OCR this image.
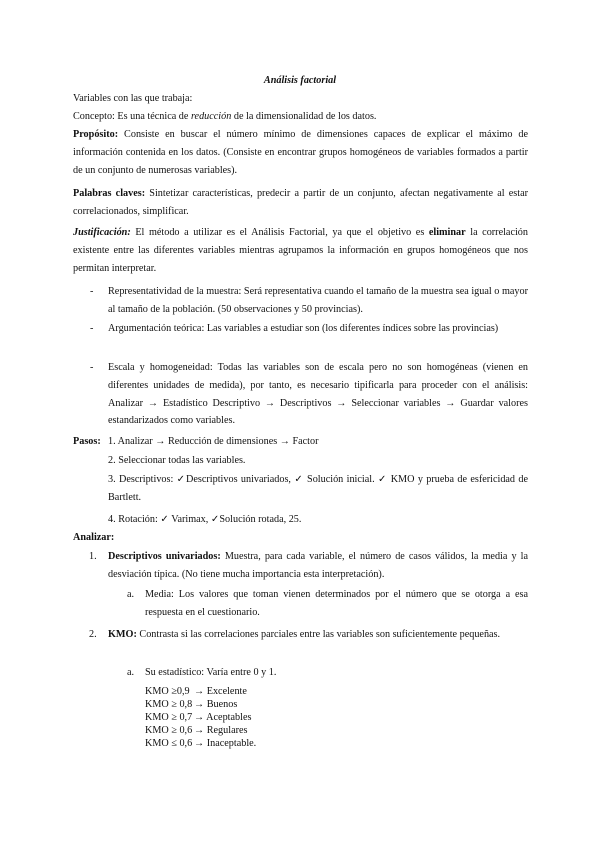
Análisis factorial
Variables con las que trabaja:
Concepto: Es una técnica de reducción de la dimensionalidad de los datos.
Propósito: Consiste en buscar el número mínimo de dimensiones capaces de explicar el máximo de información contenida en los datos. (Consiste en encontrar grupos homogéneos de variables formados a partir de un conjunto de numerosas variables).
Palabras claves: Sintetizar características, predecir a partir de un conjunto, afectan negativamente al estar correlacionados, simplificar.
Justificación: El método a utilizar es el Análisis Factorial, ya que el objetivo es eliminar la correlación existente entre las diferentes variables mientras agrupamos la información en grupos homogéneos que nos permitan interpretar.
- Representatividad de la muestra: Será representativa cuando el tamaño de la muestra sea igual o mayor al tamaño de la población. (50 observaciones y 50 provincias).
- Argumentación teórica: Las variables a estudiar son (los diferentes índices sobre las provincias)
- Escala y homogeneidad: Todas las variables son de escala pero no son homogéneas (vienen en diferentes unidades de medida), por tanto, es necesario tipificarla para proceder con el análisis: Analizar → Estadístico Descriptivo → Descriptivos → Seleccionar variables → Guardar valores estandarizados como variables.
Pasos: 1. Analizar → Reducción de dimensiones → Factor
2. Seleccionar todas las variables.
3. Descriptivos: ✓Descriptivos univariados, ✓ Solución inicial. ✓ KMO y prueba de esfericidad de Bartlett.
4. Rotación: ✓ Varimax, ✓Solución rotada, 25.
Analizar:
1. Descriptivos univariados: Muestra, para cada variable, el número de casos válidos, la media y la desviación típica. (No tiene mucha importancia esta interpretación).
a. Media: Los valores que toman vienen determinados por el número que se otorga a esa respuesta en el cuestionario.
2. KMO: Contrasta si las correlaciones parciales entre las variables son suficientemente pequeñas.
a. Su estadístico: Varía entre 0 y 1.
KMO ≥0,9	→ Excelente
KMO ≥ 0,8	→ Buenos
KMO ≥ 0,7	→ Aceptables
KMO ≥ 0,6	→ Regulares
KMO ≤ 0,6	→ Inaceptable.
